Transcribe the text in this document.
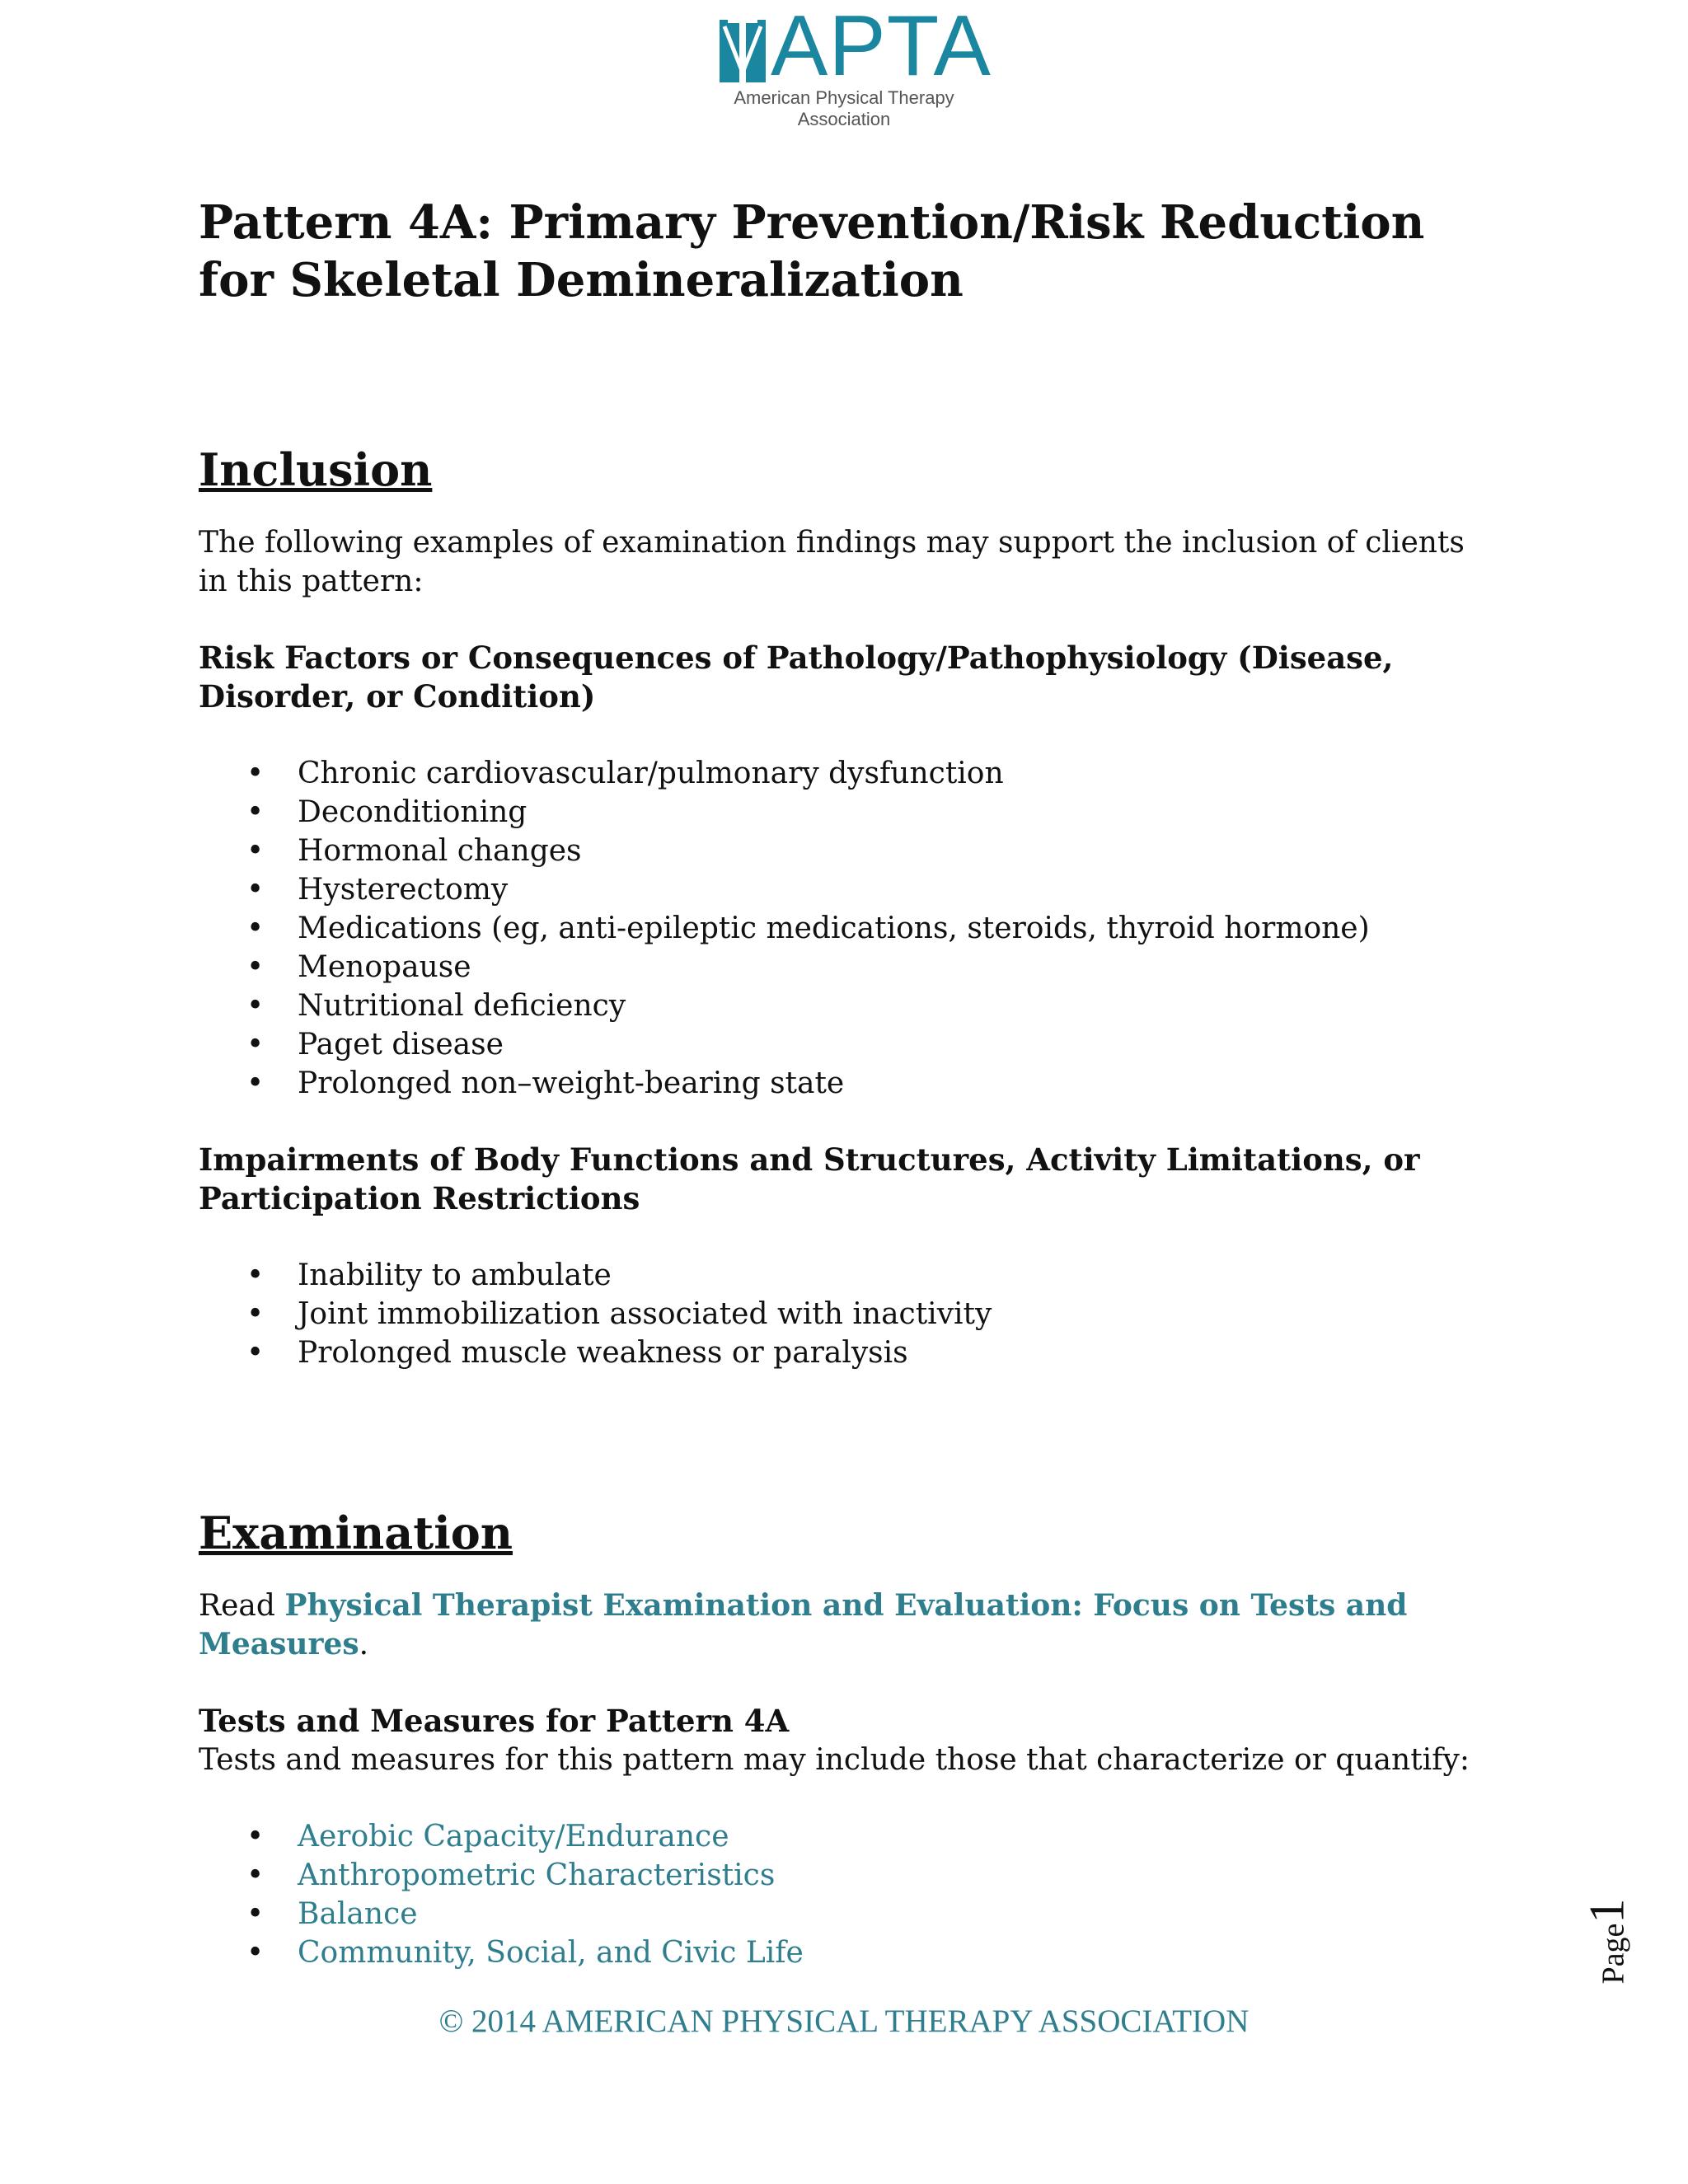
APTA
American Physical Therapy Association
Pattern 4A: Primary Prevention/Risk Reduction for Skeletal Demineralization
Inclusion

The following examples of examination findings may support the inclusion of clients in this pattern:

Risk Factors or Consequences of Pathology/Pathophysiology (Disease, Disorder, or Condition)
• Chronic cardiovascular/pulmonary dysfunction
• Deconditioning
• Hormonal changes
• Hysterectomy
• Medications (eg, anti-epileptic medications, steroids, thyroid hormone)
• Menopause
• Nutritional deficiency
• Paget disease
• Prolonged non–weight-bearing state
Impairments of Body Functions and Structures, Activity Limitations, or Participation Restrictions
• Inability to ambulate
• Joint immobilization associated with inactivity
• Prolonged muscle weakness or paralysis
Examination

Read Physical Therapist Examination and Evaluation: Focus on Tests and Measures.

Tests and Measures for Pattern 4A

Tests and measures for this pattern may include those that characterize or quantify:

• Aerobic Capacity/Endurance
• Anthropometric Characteristics
• Balance
• Community, Social, and Civic Life	Page1
© 2014 AMERICAN PHYSICAL THERAPY ASSOCIATION
